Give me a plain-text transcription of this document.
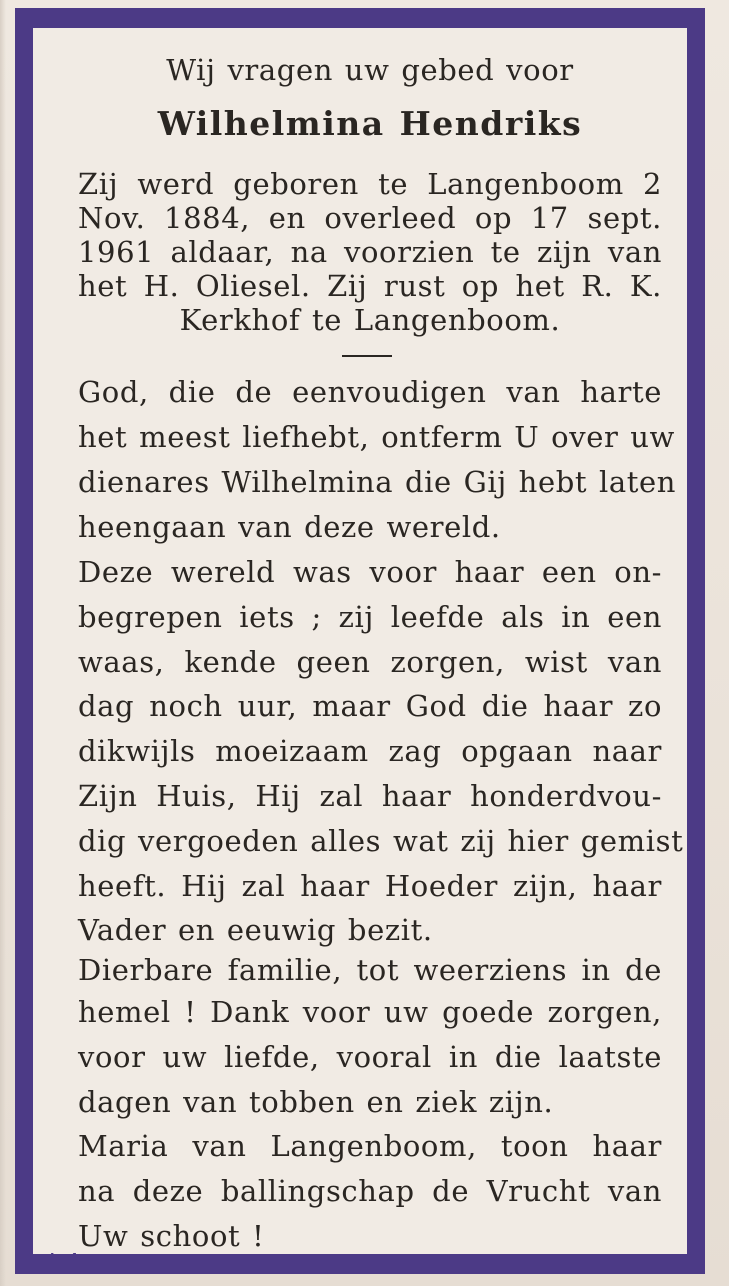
Wij vragen uw gebed voor
Wilhelmina Hendriks
Zij werd geboren te Langenboom 2
Nov. 1884, en overleed op 17 sept.
1961 aldaar, na voorzien te zijn van
het H. Oliesel. Zij rust op het R. K.
Kerkhof te Langenboom.
God, die de eenvoudigen van harte
het meest liefhebt, ontferm U over uw
dienares Wilhelmina die Gij hebt laten
heengaan van deze wereld.
Deze wereld was voor haar een on-
begrepen iets ; zij leefde als in een
waas, kende geen zorgen, wist van
dag noch uur, maar God die haar zo
dikwijls moeizaam zag opgaan naar
Zijn Huis, Hij zal haar honderdvou-
dig vergoeden alles wat zij hier gemist
heeft. Hij zal haar Hoeder zijn, haar
Vader en eeuwig bezit.
Dierbare familie, tot weerziens in de
hemel ! Dank voor uw goede zorgen,
voor uw liefde, vooral in die laatste
dagen van tobben en ziek zijn.
Maria van Langenboom, toon haar
na deze ballingschap de Vrucht van
Uw schoot !
L. 4
